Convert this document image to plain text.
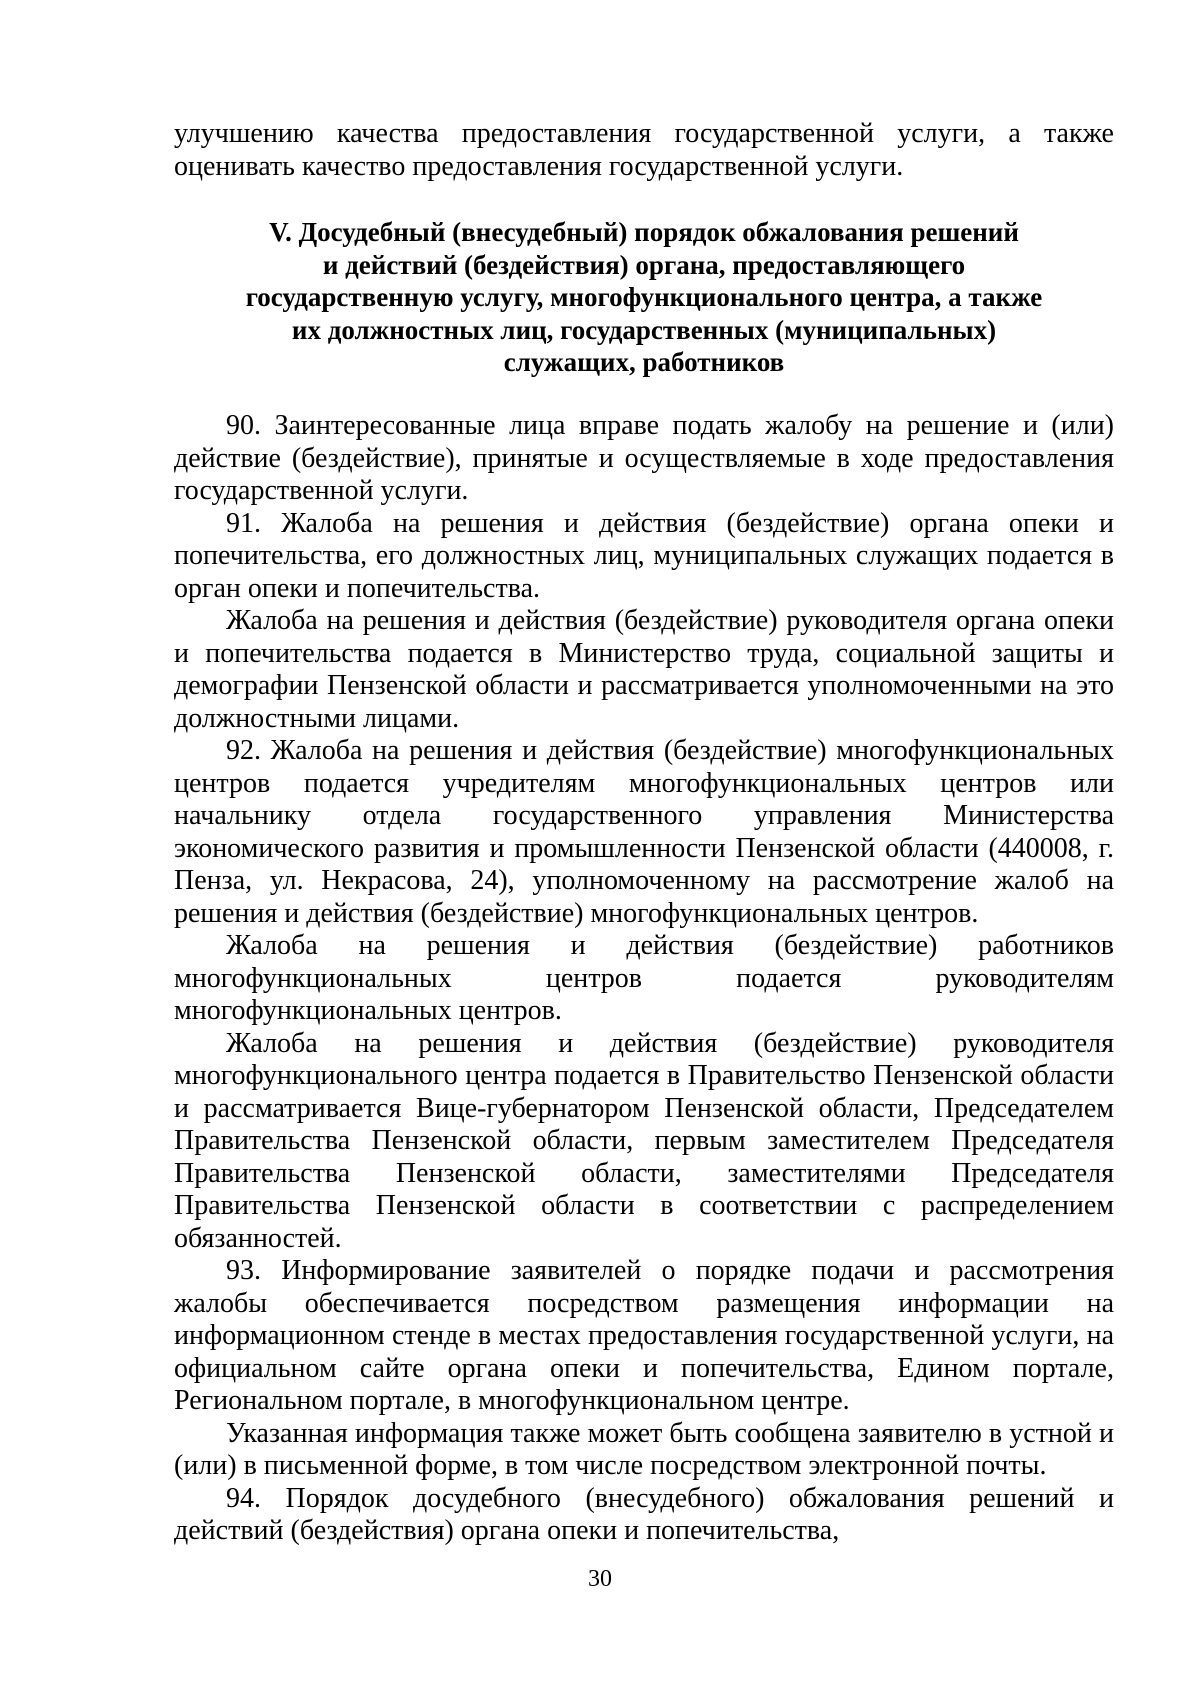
улучшению качества предоставления государственной услуги, а также оценивать качество предоставления государственной услуги.

V. Досудебный (внесудебный) порядок обжалования решений
и действий (бездействия) органа, предоставляющего
государственную услугу, многофункционального центра, а также
их должностных лиц, государственных (муниципальных)
служащих, работников

90. Заинтересованные лица вправе подать жалобу на решение и (или) действие (бездействие), принятые и осуществляемые в ходе предоставления государственной услуги.

91. Жалоба на решения и действия (бездействие) органа опеки и попечительства, его должностных лиц, муниципальных служащих подается в орган опеки и попечительства.

Жалоба на решения и действия (бездействие) руководителя органа опеки и попечительства подается в Министерство труда, социальной защиты и демографии Пензенской области и рассматривается уполномоченными на это должностными лицами.

92. Жалоба на решения и действия (бездействие) многофункциональных центров подается учредителям многофункциональных центров или начальнику отдела государственного управления Министерства экономического развития и промышленности Пензенской области (440008, г. Пенза, ул. Некрасова, 24), уполномоченному на рассмотрение жалоб на решения и действия (бездействие) многофункциональных центров.

Жалоба на решения и действия (бездействие) работников многофункциональных центров подается руководителям многофункциональных центров.

Жалоба на решения и действия (бездействие) руководителя многофункционального центра подается в Правительство Пензенской области и рассматривается Вице-губернатором Пензенской области, Председателем Правительства Пензенской области, первым заместителем Председателя Правительства Пензенской области, заместителями Председателя Правительства Пензенской области в соответствии с распределением обязанностей.

93. Информирование заявителей о порядке подачи и рассмотрения жалобы обеспечивается посредством размещения информации на информационном стенде в местах предоставления государственной услуги, на официальном сайте органа опеки и попечительства, Едином портале, Региональном портале, в многофункциональном центре.

Указанная информация также может быть сообщена заявителю в устной и (или) в письменной форме, в том числе посредством электронной почты.

94. Порядок досудебного (внесудебного) обжалования решений и действий (бездействия) органа опеки и попечительства,

30
